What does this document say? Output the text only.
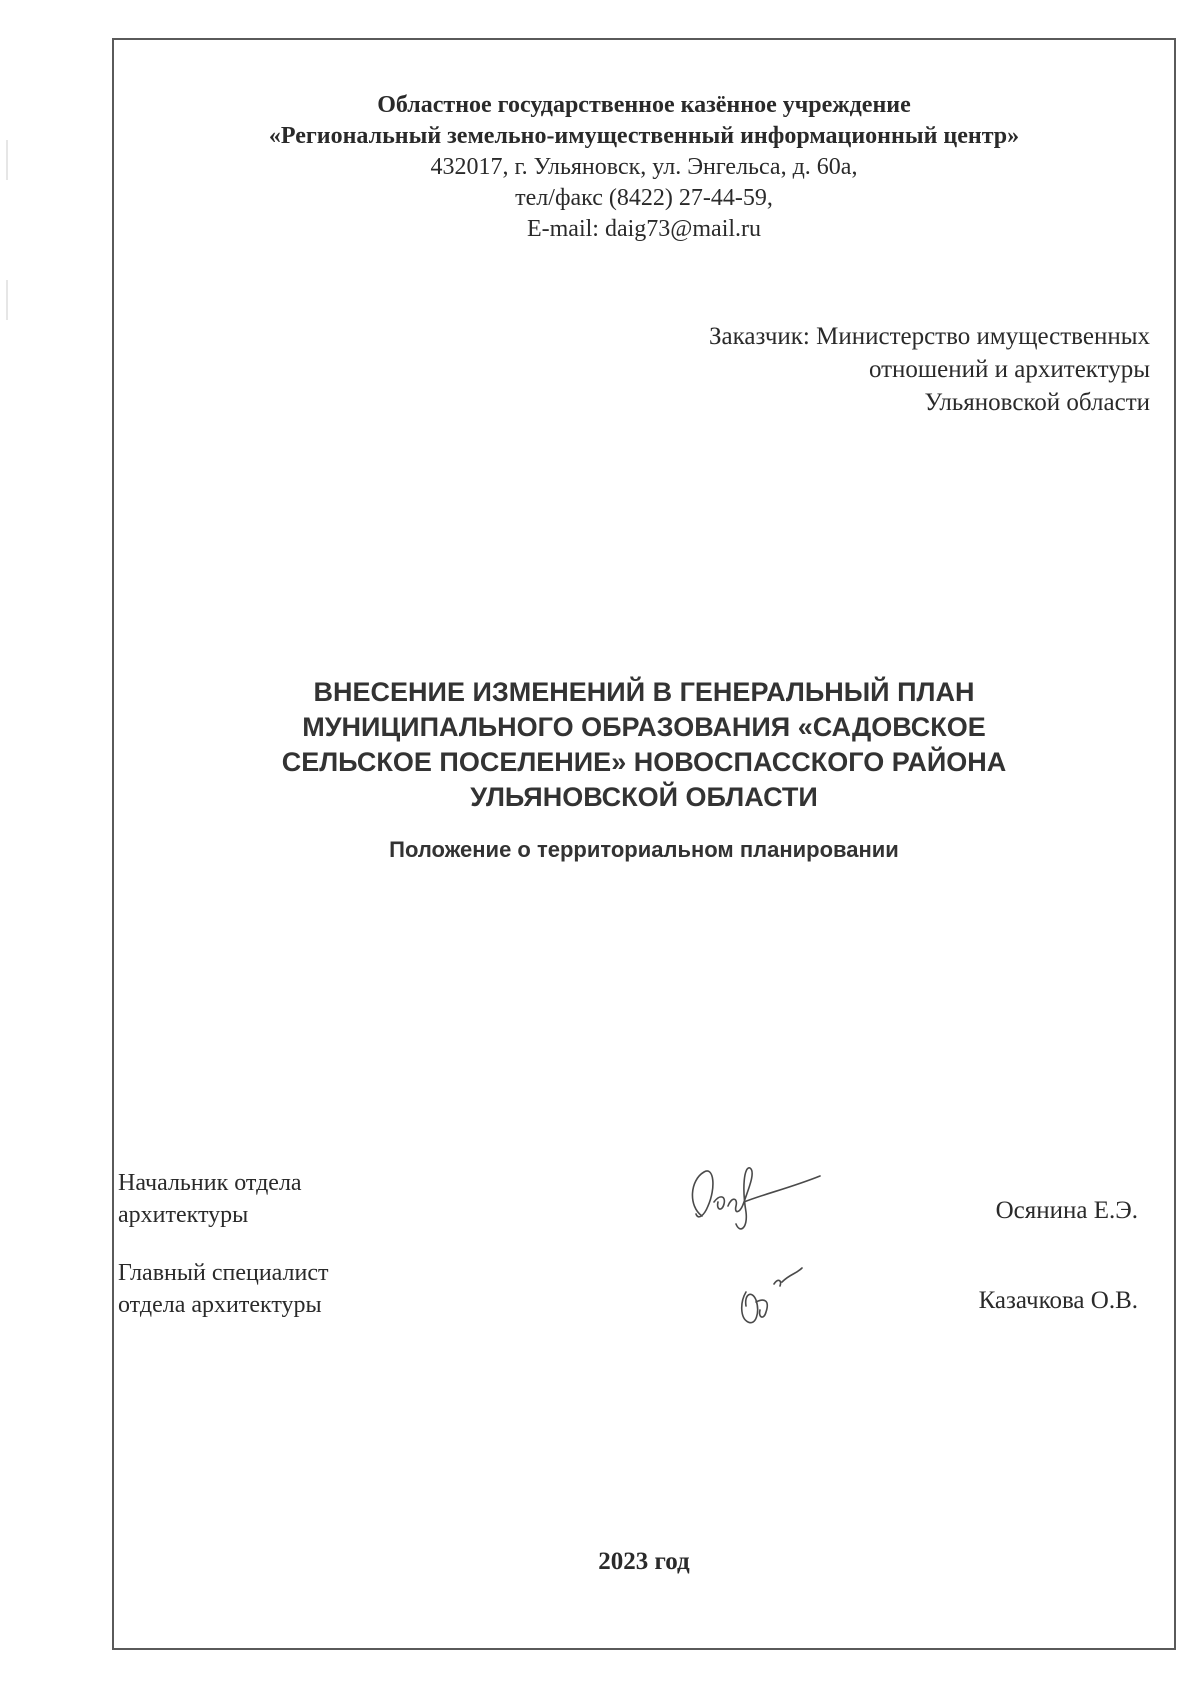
Областное государственное казённое учреждение
«Региональный земельно-имущественный информационный центр»
432017, г. Ульяновск, ул. Энгельса, д. 60а,
тел/факс (8422) 27-44-59,
E-mail: daig73@mail.ru
Заказчик: Министерство имущественных
отношений и архитектуры
Ульяновской области
ВНЕСЕНИЕ ИЗМЕНЕНИЙ В ГЕНЕРАЛЬНЫЙ ПЛАН
МУНИЦИПАЛЬНОГО ОБРАЗОВАНИЯ «САДОВСКОЕ
СЕЛЬСКОЕ ПОСЕЛЕНИЕ» НОВОСПАССКОГО РАЙОНА
УЛЬЯНОВСКОЙ ОБЛАСТИ
Положение о территориальном планировании
Начальник отдела
архитектуры	Осянина Е.Э.
Главный специалист
отдела архитектуры	Казачкова О.В.
2023 год
